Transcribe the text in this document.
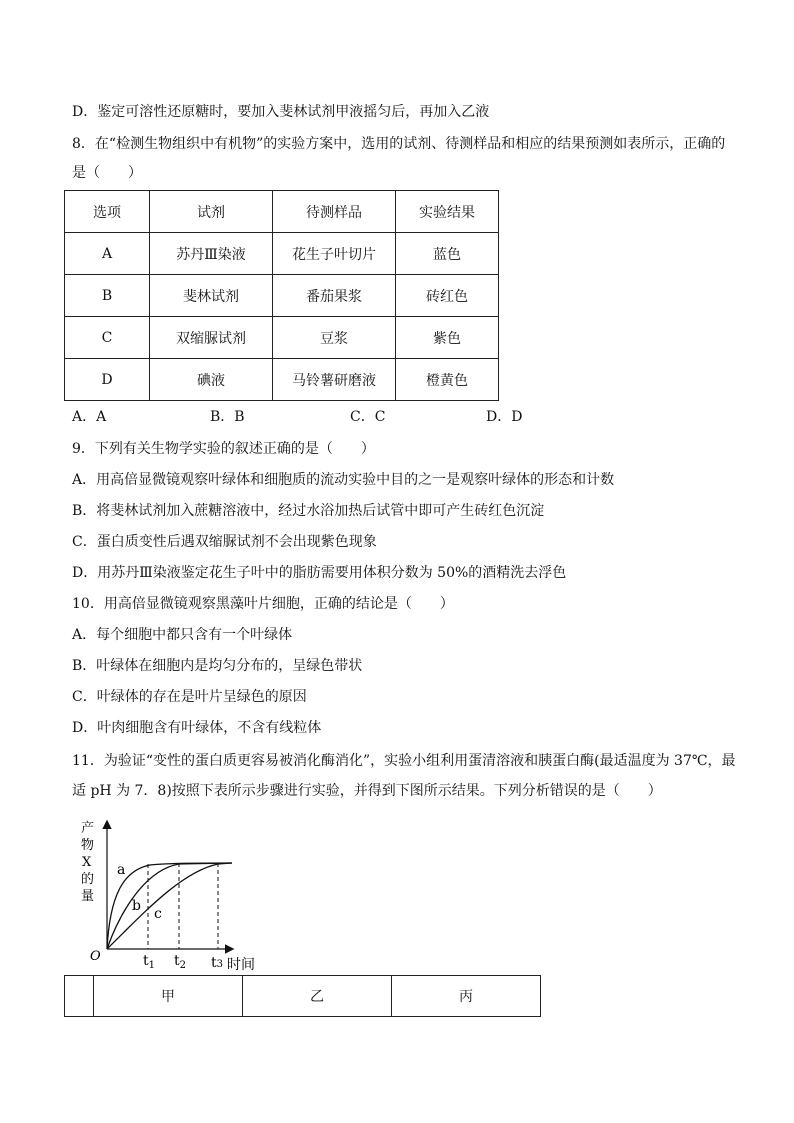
D．鉴定可溶性还原糖时，要加入斐林试剂甲液摇匀后，再加入乙液
8．在“检测生物组织中有机物”的实验方案中，选用的试剂、待测样品和相应的结果预测如表所示，正确的
是（　　）
选项	试剂	待测样品	实验结果
A	苏丹Ⅲ染液	花生子叶切片	蓝色
B	斐林试剂	番茄果浆	砖红色
C	双缩脲试剂	豆浆	紫色
D	碘液	马铃薯研磨液	橙黄色
A．A	B．B	C．C	D．D
9．下列有关生物学实验的叙述正确的是（　　）
A．用高倍显微镜观察叶绿体和细胞质的流动实验中目的之一是观察叶绿体的形态和计数
B．将斐林试剂加入蔗糖溶液中，经过水浴加热后试管中即可产生砖红色沉淀
C．蛋白质变性后遇双缩脲试剂不会出现紫色现象
D．用苏丹Ⅲ染液鉴定花生子叶中的脂肪需要用体积分数为 50%的酒精洗去浮色
10．用高倍显微镜观察黑藻叶片细胞，正确的结论是（　　）
A．每个细胞中都只含有一个叶绿体
B．叶绿体在细胞内是均匀分布的，呈绿色带状
C．叶绿体的存在是叶片呈绿色的原因
D．叶肉细胞含有叶绿体，不含有线粒体
11．为验证“变性的蛋白质更容易被消化酶消化”，实验小组利用蛋清溶液和胰蛋白酶(最适温度为 37℃，最
适 pH 为 7．8)按照下表所示步骤进行实验，并得到下图所示结果。下列分析错误的是（　　）
产
物
X
的
量
O
a
b c
$t_1$ $t_2$ t3 时间
	甲	乙	丙
